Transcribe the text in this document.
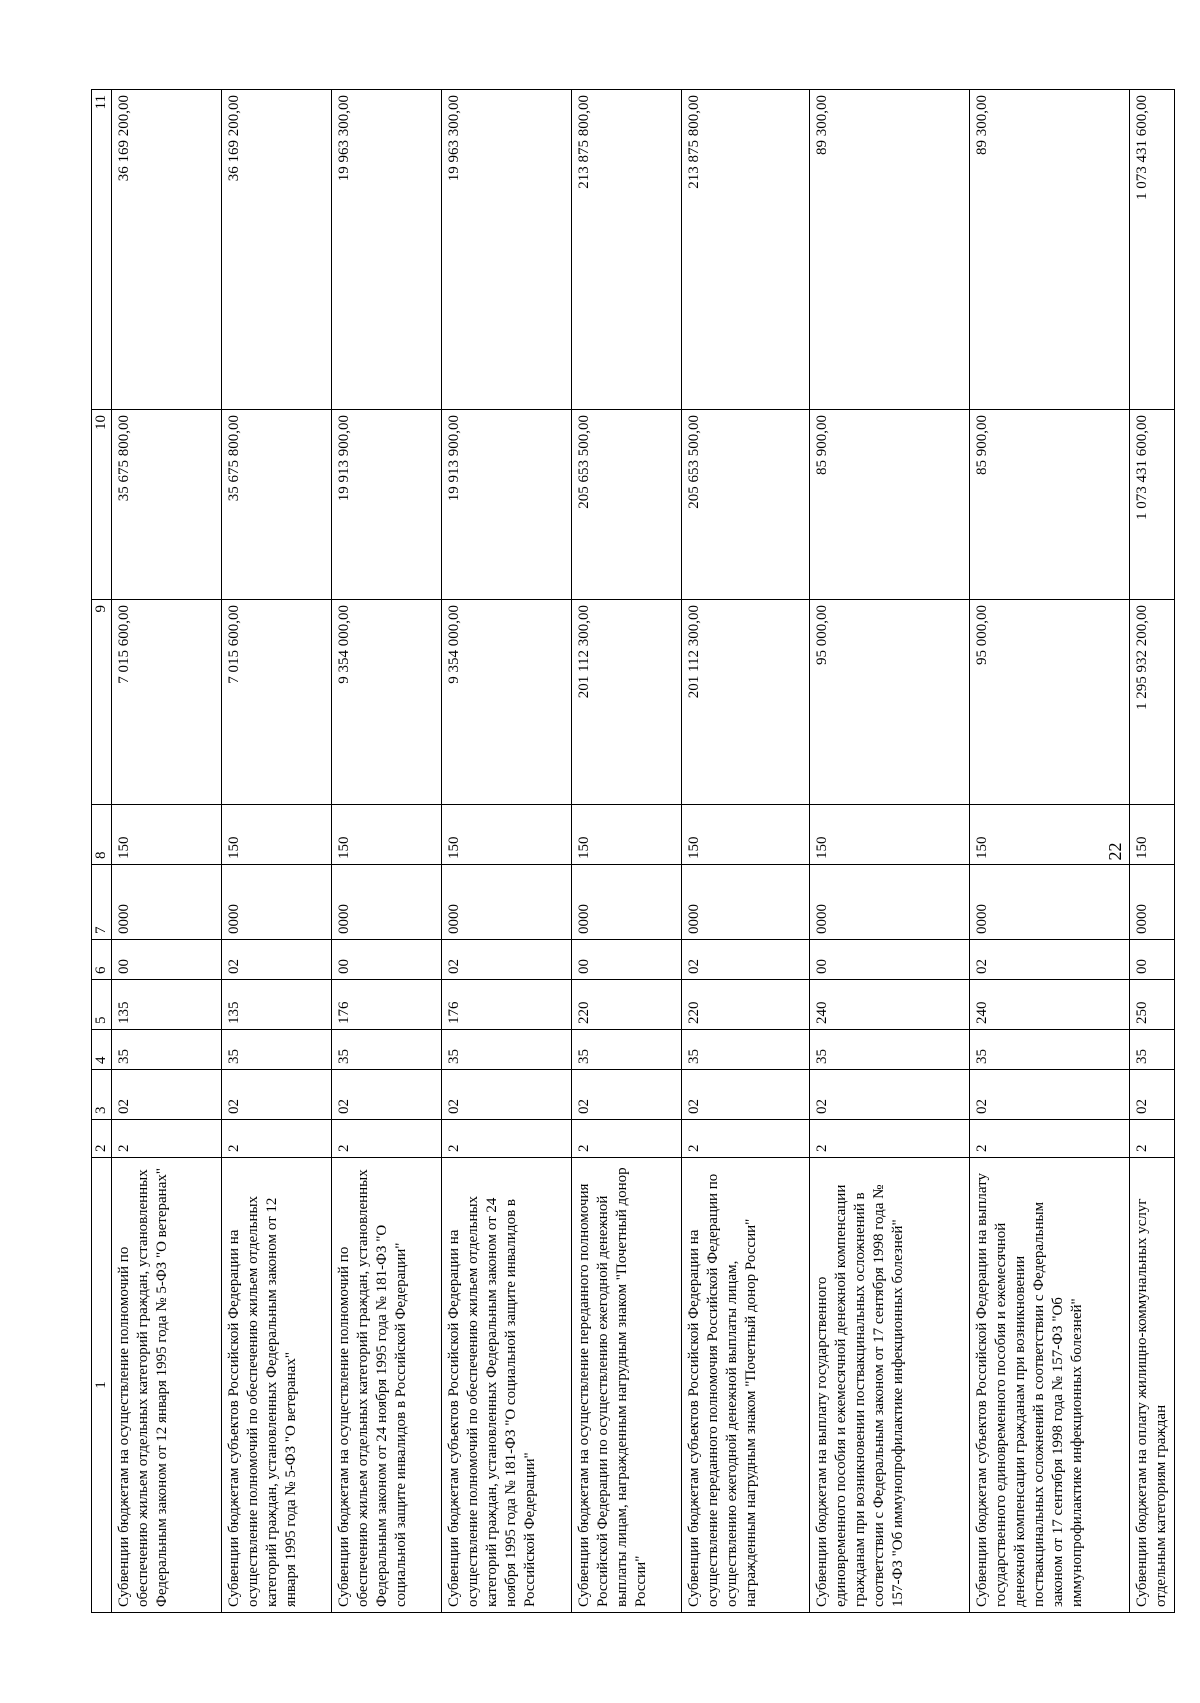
22
1	2	3	4	5	6	7	8	9	10	11
Субвенции бюджетам на осуществление полномочий по обеспечению жильем отдельных категорий граждан, установленных Федеральным законом от 12 января 1995 года № 5-ФЗ "О ветеранах"	2	02	35	135	00	0000	150	7 015 600,00	35 675 800,00	36 169 200,00
Субвенции бюджетам субъектов Российской Федерации на осуществление полномочий по обеспечению жильем отдельных категорий граждан, установленных Федеральным законом от 12 января 1995 года № 5-ФЗ "О ветеранах"	2	02	35	135	02	0000	150	7 015 600,00	35 675 800,00	36 169 200,00
Субвенции бюджетам на осуществление полномочий по обеспечению жильем отдельных категорий граждан, установленных Федеральным законом от 24 ноября 1995 года № 181-ФЗ "О социальной защите инвалидов в Российской Федерации"	2	02	35	176	00	0000	150	9 354 000,00	19 913 900,00	19 963 300,00
Субвенции бюджетам субъектов Российской Федерации на осуществление полномочий по обеспечению жильем отдельных категорий граждан, установленных Федеральным законом от 24 ноября 1995 года № 181-ФЗ "О социальной защите инвалидов в Российской Федерации"	2	02	35	176	02	0000	150	9 354 000,00	19 913 900,00	19 963 300,00
Субвенции бюджетам на осуществление переданного полномочия Российской Федерации по осуществлению ежегодной денежной выплаты лицам, награжденным нагрудным знаком "Почетный донор России"	2	02	35	220	00	0000	150	201 112 300,00	205 653 500,00	213 875 800,00
Субвенции бюджетам субъектов Российской Федерации на осуществление переданного полномочия Российской Федерации по осуществлению ежегодной денежной выплаты лицам, награжденным нагрудным знаком "Почетный донор России"	2	02	35	220	02	0000	150	201 112 300,00	205 653 500,00	213 875 800,00
Субвенции бюджетам на выплату государственного единовременного пособия и ежемесячной денежной компенсации гражданам при возникновении поствакцинальных осложнений в соответствии с Федеральным законом от 17 сентября 1998 года № 157-ФЗ "Об иммунопрофилактике инфекционных болезней"	2	02	35	240	00	0000	150	95 000,00	85 900,00	89 300,00
Субвенции бюджетам субъектов Российской Федерации на выплату государственного единовременного пособия и ежемесячной денежной компенсации гражданам при возникновении поствакцинальных осложнений в соответствии с Федеральным законом от 17 сентября 1998 года № 157-ФЗ "Об иммунопрофилактике инфекционных болезней"	2	02	35	240	02	0000	150	95 000,00	85 900,00	89 300,00
Субвенции бюджетам на оплату жилищно-коммунальных услуг отдельным категориям граждан	2	02	35	250	00	0000	150	1 295 932 200,00	1 073 431 600,00	1 073 431 600,00
